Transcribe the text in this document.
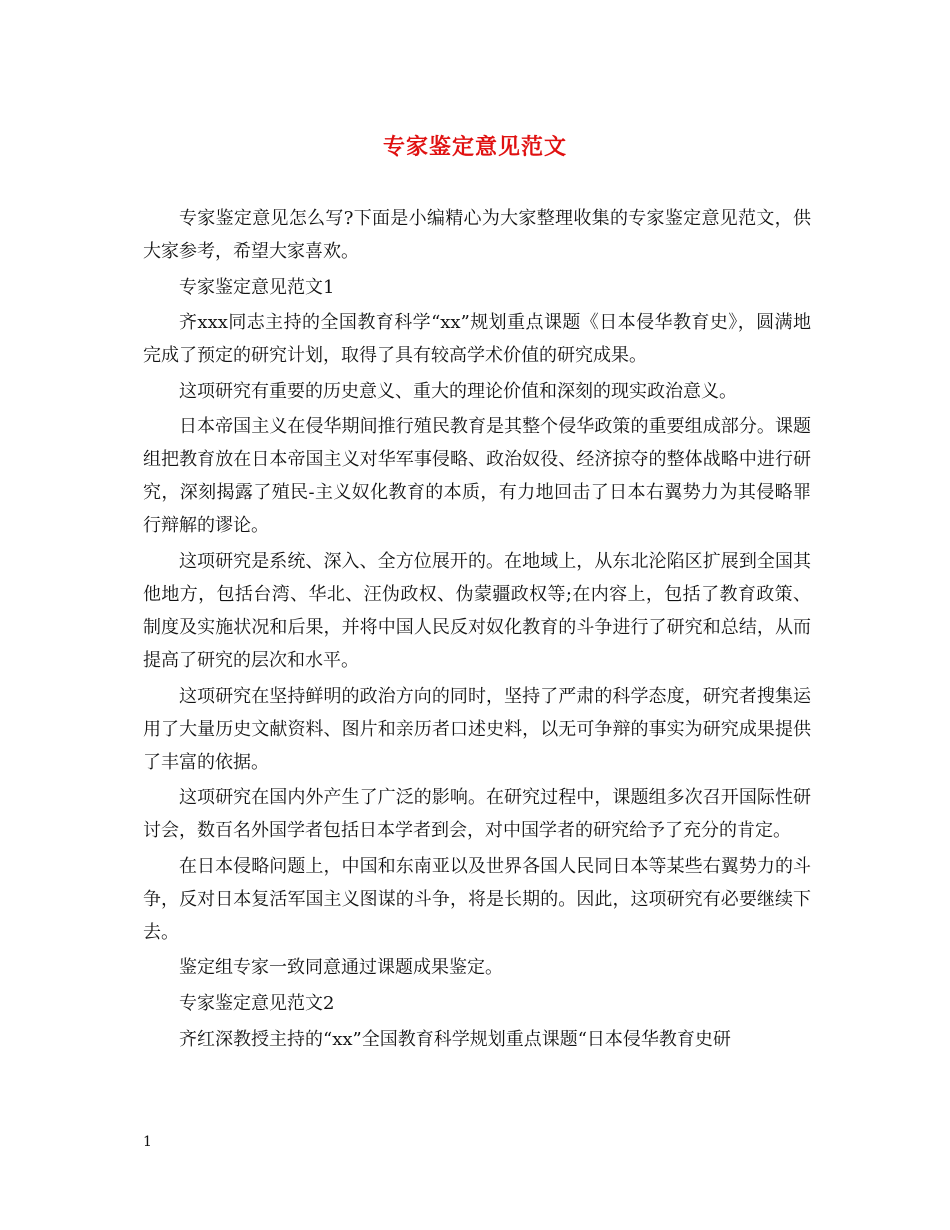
专家鉴定意见范文

专家鉴定意见怎么写?下面是小编精心为大家整理收集的专家鉴定意见范文，供大家参考，希望大家喜欢。

专家鉴定意见范文1

齐xxx同志主持的全国教育科学“xx”规划重点课题《日本侵华教育史》，圆满地完成了预定的研究计划，取得了具有较高学术价值的研究成果。

这项研究有重要的历史意义、重大的理论价值和深刻的现实政治意义。

日本帝国主义在侵华期间推行殖民教育是其整个侵华政策的重要组成部分。课题组把教育放在日本帝国主义对华军事侵略、政治奴役、经济掠夺的整体战略中进行研究，深刻揭露了殖民-主义奴化教育的本质，有力地回击了日本右翼势力为其侵略罪行辩解的谬论。

这项研究是系统、深入、全方位展开的。在地域上，从东北沦陷区扩展到全国其他地方，包括台湾、华北、汪伪政权、伪蒙疆政权等;在内容上，包括了教育政策、制度及实施状况和后果，并将中国人民反对奴化教育的斗争进行了研究和总结，从而提高了研究的层次和水平。

这项研究在坚持鲜明的政治方向的同时，坚持了严肃的科学态度，研究者搜集运用了大量历史文献资料、图片和亲历者口述史料，以无可争辩的事实为研究成果提供了丰富的依据。

这项研究在国内外产生了广泛的影响。在研究过程中，课题组多次召开国际性研讨会，数百名外国学者包括日本学者到会，对中国学者的研究给予了充分的肯定。

在日本侵略问题上，中国和东南亚以及世界各国人民同日本等某些右翼势力的斗争，反对日本复活军国主义图谋的斗争，将是长期的。因此，这项研究有必要继续下去。

鉴定组专家一致同意通过课题成果鉴定。

专家鉴定意见范文2

齐红深教授主持的“xx”全国教育科学规划重点课题“日本侵华教育史研

1
